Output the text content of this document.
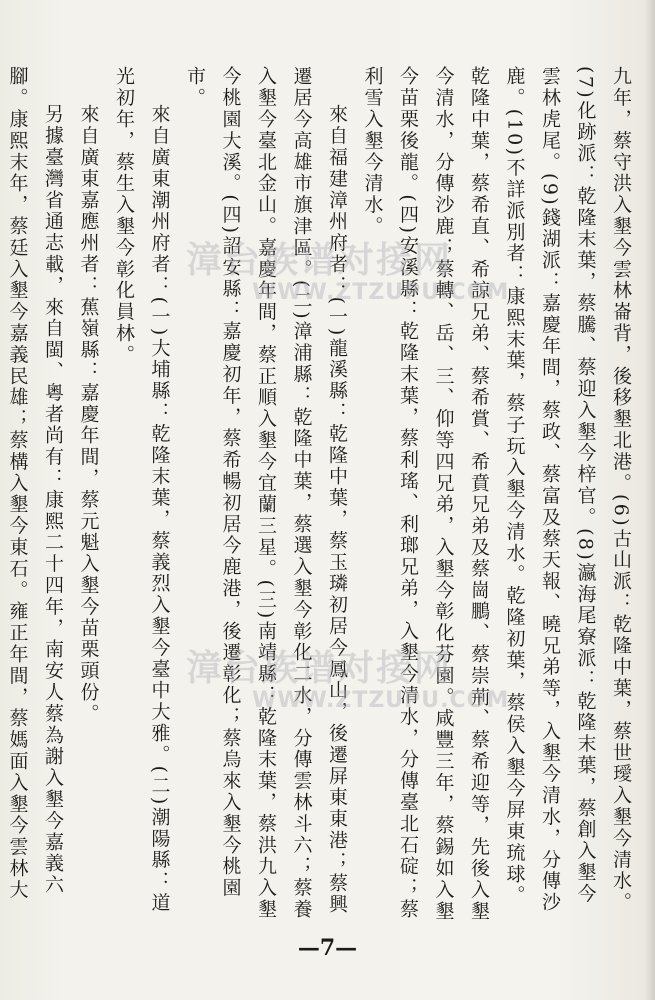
九年，蔡守洪入墾今雲林崙背，後移墾北港。(6)古山派：乾隆中葉，蔡世璦入墾今清水。(7)化跡派：乾隆末葉，蔡騰、蔡迎入墾今梓官。(8)瀛海尾寮派：乾隆末葉，蔡創入墾今雲林虎尾。(9)錢湖派：嘉慶年間，蔡政、蔡富及蔡天報、曉兄弟等，入墾今清水，分傳沙鹿。(10)不詳派別者：康熙末葉，蔡子玩入墾今清水。乾隆初葉，蔡侯入墾今屏東琉球。乾隆中葉，蔡希直、希諒兄弟、蔡希賞、希賁兄弟及蔡崗鵬、蔡崇荊、蔡希迎等，先後入墾今清水，分傳沙鹿；蔡轉、岳、三、仰等四兄弟，入墾今彰化芬園。咸豐三年，蔡錫如入墾今苗栗後龍。(四)安溪縣：乾隆末葉，蔡利瑤、利瑯兄弟，入墾今清水，分傳臺北石碇；蔡利雪入墾今清水。

來自福建漳州府者：(一)龍溪縣：乾隆中葉，蔡玉璘初居今鳳山，後遷屏東東港；蔡興遷居今高雄市旗津區。(二)漳浦縣：乾隆中葉，蔡選入墾今彰化二水，分傳雲林斗六；蔡養入墾今臺北金山。嘉慶年間，蔡正順入墾今宜蘭三星。(三)南靖縣：乾隆末葉，蔡洪九入墾今桃園大溪。(四)詔安縣：嘉慶初年，蔡希暢初居今鹿港，後遷彰化；蔡烏來入墾今桃園市。

來自廣東潮州府者：(一)大埔縣：乾隆末葉，蔡義烈入墾今臺中大雅。(二)潮陽縣：道光初年，蔡生入墾今彰化員林。

來自廣東嘉應州者：蕉嶺縣：嘉慶年間，蔡元魁入墾今苗栗頭份。

另據臺灣省通志載，來自閩、粵者尚有：康熙二十四年，南安人蔡為謝入墾今嘉義六腳。康熙末年，蔡廷入墾今嘉義民雄；蔡構入墾今東石。雍正年間，蔡媽面入墾今雲林大

漳台族谱对接网
WWW.ZTZUPU.COM
漳台族谱对接网
WWW.ZTZUPU.COM
—7—
